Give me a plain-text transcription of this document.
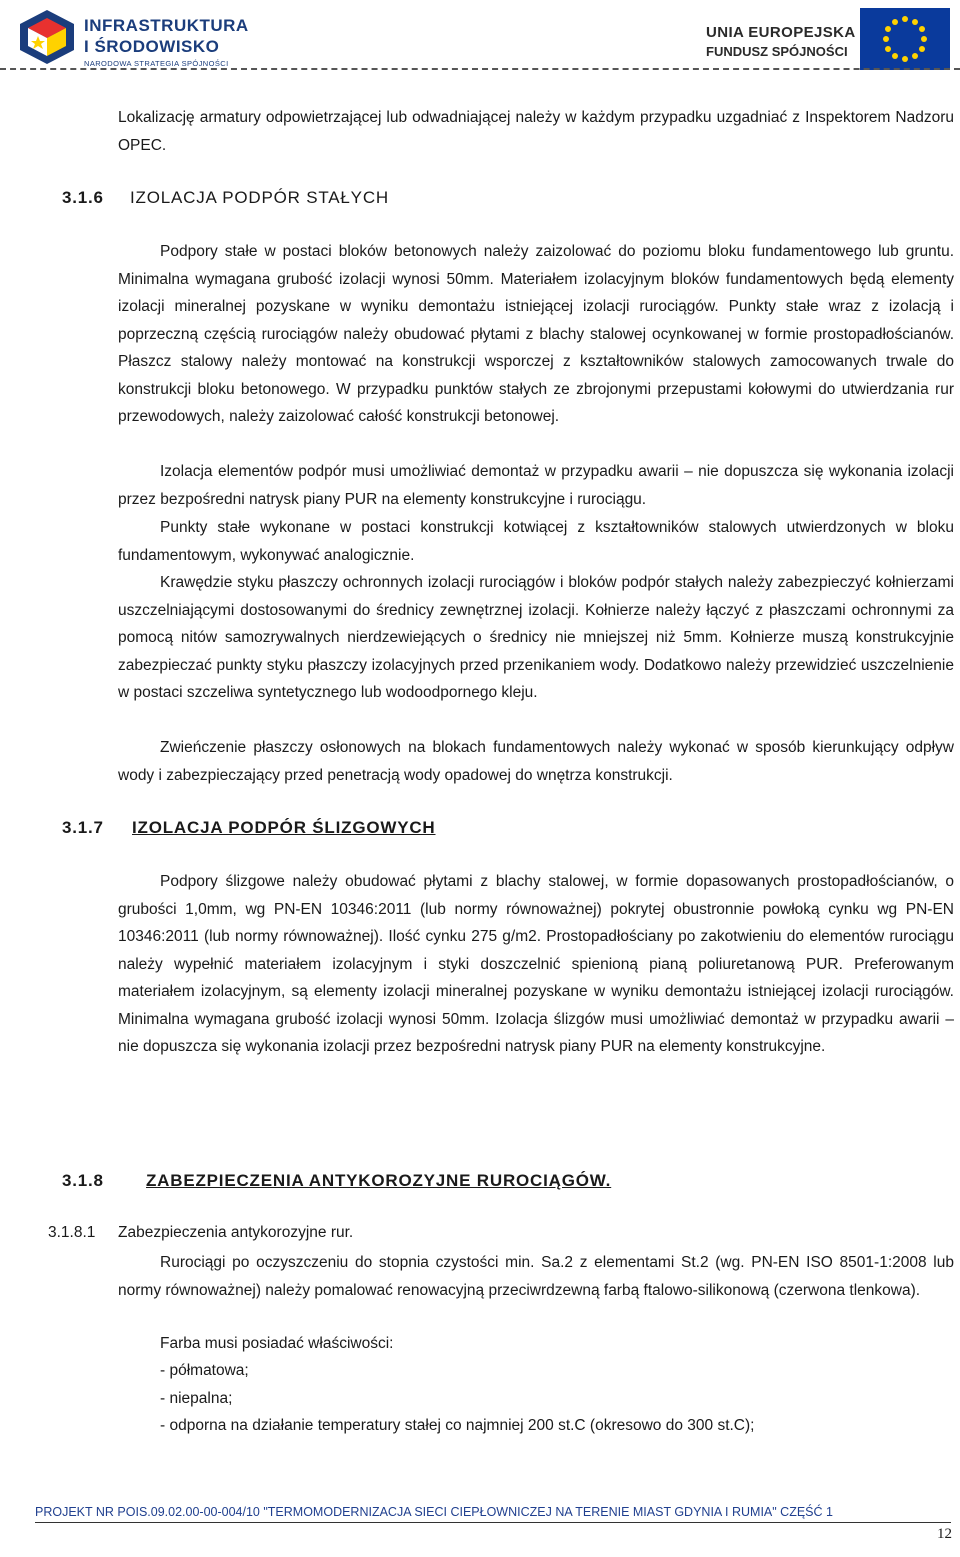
INFRASTRUKTURA
I ŚRODOWISKO
NARODOWA STRATEGIA SPÓJNOŚCI
UNIA EUROPEJSKA
FUNDUSZ SPÓJNOŚCI
Lokalizację armatury odpowietrzającej lub odwadniającej należy w każdym przypadku uzgadniać z Inspektorem Nadzoru OPEC.
3.1.6 IZOLACJA PODPÓR STAŁYCH
Podpory stałe w postaci bloków betonowych należy zaizolować do poziomu bloku fundamentowego lub gruntu. Minimalna wymagana grubość izolacji wynosi 50mm. Materiałem izolacyjnym bloków fundamentowych będą elementy izolacji mineralnej pozyskane w wyniku demontażu istniejącej izolacji rurociągów. Punkty stałe wraz z izolacją i poprzeczną częścią rurociągów należy obudować płytami z blachy stalowej ocynkowanej w formie prostopadłościanów. Płaszcz stalowy należy montować na konstrukcji wsporczej z kształtowników stalowych zamocowanych trwale do konstrukcji bloku betonowego. W przypadku punktów stałych ze zbrojonymi przepustami kołowymi do utwierdzania rur przewodowych, należy zaizolować całość konstrukcji betonowej.
Izolacja elementów podpór musi umożliwiać demontaż w przypadku awarii – nie dopuszcza się wykonania izolacji przez bezpośredni natrysk piany PUR na elementy konstrukcyjne i rurociągu.
Punkty stałe wykonane w postaci konstrukcji kotwiącej z kształtowników stalowych utwierdzonych w bloku fundamentowym, wykonywać analogicznie.
Krawędzie styku płaszczy ochronnych izolacji rurociągów i bloków podpór stałych należy zabezpieczyć kołnierzami uszczelniającymi dostosowanymi do średnicy zewnętrznej izolacji. Kołnierze należy łączyć z płaszczami ochronnymi za pomocą nitów samozrywalnych nierdzewiejących o średnicy nie mniejszej niż 5mm. Kołnierze muszą konstrukcyjnie zabezpieczać punkty styku płaszczy izolacyjnych przed przenikaniem wody. Dodatkowo należy przewidzieć uszczelnienie w postaci szczeliwa syntetycznego lub wodoodpornego kleju.
Zwieńczenie płaszczy osłonowych na blokach fundamentowych należy wykonać w sposób kierunkujący odpływ wody i zabezpieczający przed penetracją wody opadowej do wnętrza konstrukcji.
3.1.7 IZOLACJA PODPÓR ŚLIZGOWYCH
Podpory ślizgowe należy obudować płytami z blachy stalowej, w formie dopasowanych prostopadłościanów, o grubości 1,0mm, wg PN-EN 10346:2011 (lub normy równoważnej) pokrytej obustronnie powłoką cynku wg PN-EN 10346:2011 (lub normy równoważnej). Ilość cynku 275 g/m2. Prostopadłościany po zakotwieniu do elementów rurociągu należy wypełnić materiałem izolacyjnym i styki doszczelnić spienioną pianą poliuretanową PUR. Preferowanym materiałem izolacyjnym, są elementy izolacji mineralnej pozyskane w wyniku demontażu istniejącej izolacji rurociągów. Minimalna wymagana grubość izolacji wynosi 50mm. Izolacja ślizgów musi umożliwiać demontaż w przypadku awarii – nie dopuszcza się wykonania izolacji przez bezpośredni natrysk piany PUR na elementy konstrukcyjne.
3.1.8 ZABEZPIECZENIA ANTYKOROZYJNE RUROCIĄGÓW.
3.1.8.1 Zabezpieczenia antykorozyjne rur.
Rurociągi po oczyszczeniu do stopnia czystości min. Sa.2 z elementami St.2 (wg. PN-EN ISO 8501-1:2008 lub normy równoważnej) należy pomalować renowacyjną przeciwrdzewną farbą ftalowo-silikonową (czerwona tlenkowa).
Farba musi posiadać właściwości:
- półmatowa;
- niepalna;
- odporna na działanie temperatury stałej co najmniej 200 st.C (okresowo do 300 st.C);
PROJEKT NR POIS.09.02.00-00-004/10 "TERMOMODERNIZACJA SIECI CIEPŁOWNICZEJ NA TERENIE MIAST GDYNIA I RUMIA" CZĘŚĆ 1
12
